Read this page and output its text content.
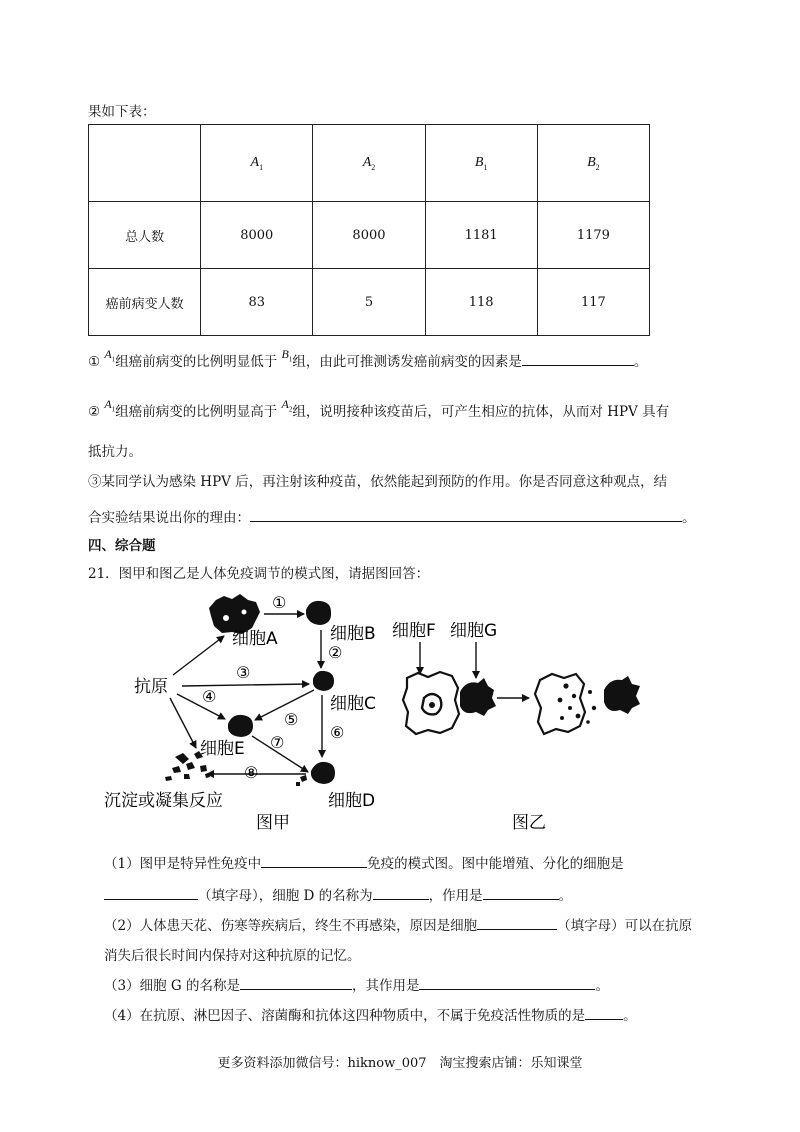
果如下表：
	$A_1$	$A_2$	$B_1$	$B_2$
总人数	8000	8000	1181	1179
癌前病变人数	83	5	118	117
① $A_1$组癌前病变的比例明显低于 $B_1$组，由此可推测诱发癌前病变的因素是	。
② $A_1$组癌前病变的比例明显高于 $A_2$组，说明接种该疫苗后，可产生相应的抗体，从而对 HPV 具有
抵抗力。
③某同学认为感染 HPV 后，再注射该种疫苗，依然能起到预防的作用。你是否同意这种观点，结
合实验结果说出你的理由：	。
四、综合题
21．图甲和图乙是人体免疫调节的模式图，请据图回答：
抗原
细胞A	细胞B
细胞C
细胞E
细胞D
沉淀或凝集反应
①
②
③
④
⑤
⑥
⑦
⑧
图甲
细胞F 细胞G
图乙
（1）图甲是特异性免疫中	免疫的模式图。图中能增殖、分化的细胞是
（填字母），细胞 D 的名称为	，作用是	。
（2）人体患天花、伤寒等疾病后，终生不再感染，原因是细胞	（填字母）可以在抗原
消失后很长时间内保持对这种抗原的记忆。
（3）细胞 G 的名称是	，其作用是	。
（4）在抗原、淋巴因子、溶菌酶和抗体这四种物质中，不属于免疫活性物质的是	。
更多资料添加微信号：hiknow_007　淘宝搜索店铺：乐知课堂
